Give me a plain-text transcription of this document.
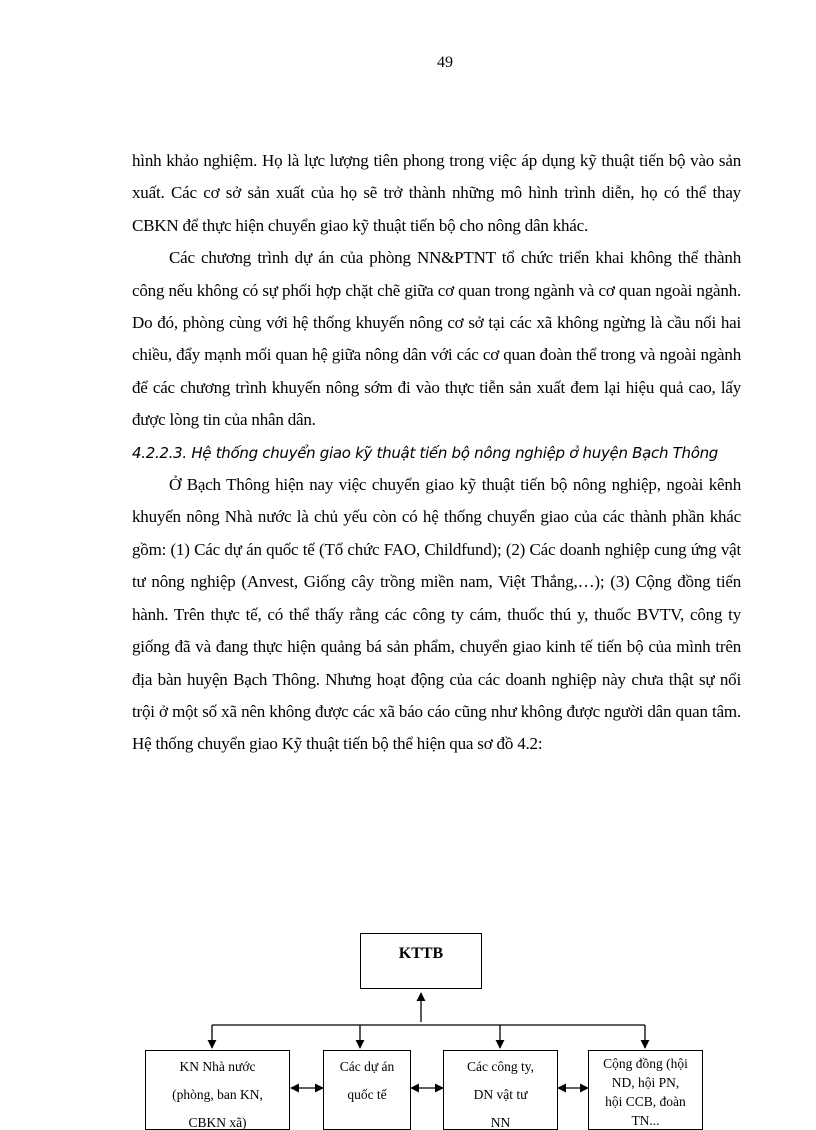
49

hình khảo nghiệm. Họ là lực lượng tiên phong trong việc áp dụng kỹ thuật tiến bộ vào sản xuất. Các cơ sở sản xuất của họ sẽ trở thành những mô hình trình diễn, họ có thể thay CBKN để thực hiện chuyển giao kỹ thuật tiến bộ cho nông dân khác.

Các chương trình dự án của phòng NN&PTNT tổ chức triển khai không thể thành công nếu không có sự phối hợp chặt chẽ giữa cơ quan trong ngành và cơ quan ngoài ngành. Do đó, phòng cùng với hệ thống khuyến nông cơ sở tại các xã không ngừng là cầu nối hai chiều, đẩy mạnh mối quan hệ giữa nông dân với các cơ quan đoàn thể trong và ngoài ngành để các chương trình khuyến nông sớm đi vào thực tiễn sản xuất đem lại hiệu quả cao, lấy được lòng tin của nhân dân.

4.2.2.3. Hệ thống chuyển giao kỹ thuật tiến bộ nông nghiệp ở huyện Bạch Thông

Ở Bạch Thông hiện nay việc chuyển giao kỹ thuật tiến bộ nông nghiệp, ngoài kênh khuyến nông Nhà nước là chủ yếu còn có hệ thống chuyển giao của các thành phần khác gồm: (1) Các dự án quốc tế (Tổ chức FAO, Childfund); (2) Các doanh nghiệp cung ứng vật tư nông nghiệp (Anvest, Giống cây trồng miền nam, Việt Thắng,…); (3) Cộng đồng tiến hành. Trên thực tế, có thể thấy rằng các công ty cám, thuốc thú y, thuốc BVTV, công ty giống đã và đang thực hiện quảng bá sản phẩm, chuyển giao kinh tế tiến bộ của mình trên địa bàn huyện Bạch Thông. Nhưng hoạt động của các doanh nghiệp này chưa thật sự nổi trội ở một số xã nên không được các xã báo cáo cũng như không được người dân quan tâm. Hệ thống chuyển giao Kỹ thuật tiến bộ thể hiện qua sơ đồ 4.2:

KTTB
KN Nhà nước
(phòng, ban KN,
CBKN xã)
Các dự án
quốc tế
Các công ty,
DN vật tư
NN
Cộng đồng (hội
ND, hội PN,
hội CCB, đoàn
TN...
